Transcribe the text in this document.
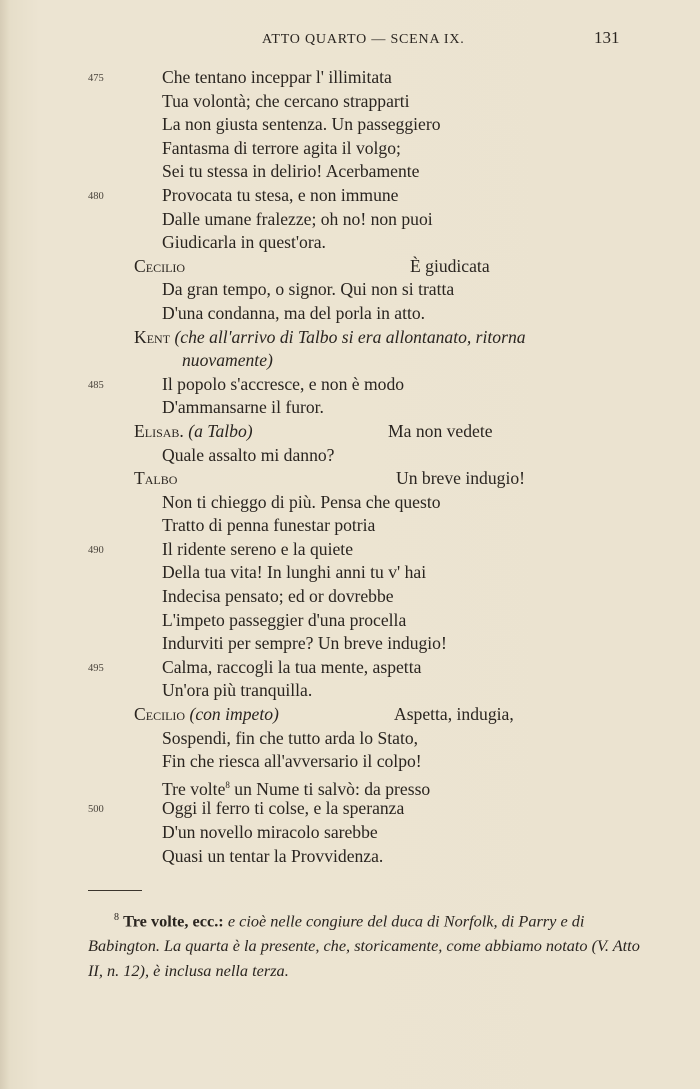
ATTO QUARTO — SCENA IX.	131
475	Che tentano inceppar l' illimitata
Tua volontà; che cercano strapparti
La non giusta sentenza. Un passeggiero
Fantasma di terrore agita il volgo;
Sei tu stessa in delirio! Acerbamente
480	Provocata tu stesa, e non immune
Dalle umane fralezze; oh no! non puoi
Giudicarla in quest'ora.
Cecilio	È giudicata
Da gran tempo, o signor. Qui non si tratta
D'una condanna, ma del porla in atto.
Kent (che all'arrivo di Talbo si era allontanato, ritorna
nuovamente)
485	Il popolo s'accresce, e non è modo
D'ammansarne il furor.
Elisab. (a Talbo)	Ma non vedete
Quale assalto mi danno?
Talbo	Un breve indugio!
Non ti chieggo di più. Pensa che questo
Tratto di penna funestar potria
490	Il ridente sereno e la quiete
Della tua vita! In lunghi anni tu v' hai
Indecisa pensato; ed or dovrebbe
L'impeto passeggier d'una procella
Indurviti per sempre? Un breve indugio!
495	Calma, raccogli la tua mente, aspetta
Un'ora più tranquilla.
Cecilio (con impeto)	Aspetta, indugia,
Sospendi, fin che tutto arda lo Stato,
Fin che riesca all'avversario il colpo!
Tre volte$^8$ un Nume ti salvò: da presso
500	Oggi il ferro ti colse, e la speranza
D'un novello miracolo sarebbe
Quasi un tentar la Provvidenza.
$^8$ Tre volte, ecc.: e cioè nelle congiure del duca di Norfolk, di Parry e di Babington. La quarta è la presente, che, storicamente, come abbiamo notato (V. Atto II, n. 12), è inclusa nella terza.
